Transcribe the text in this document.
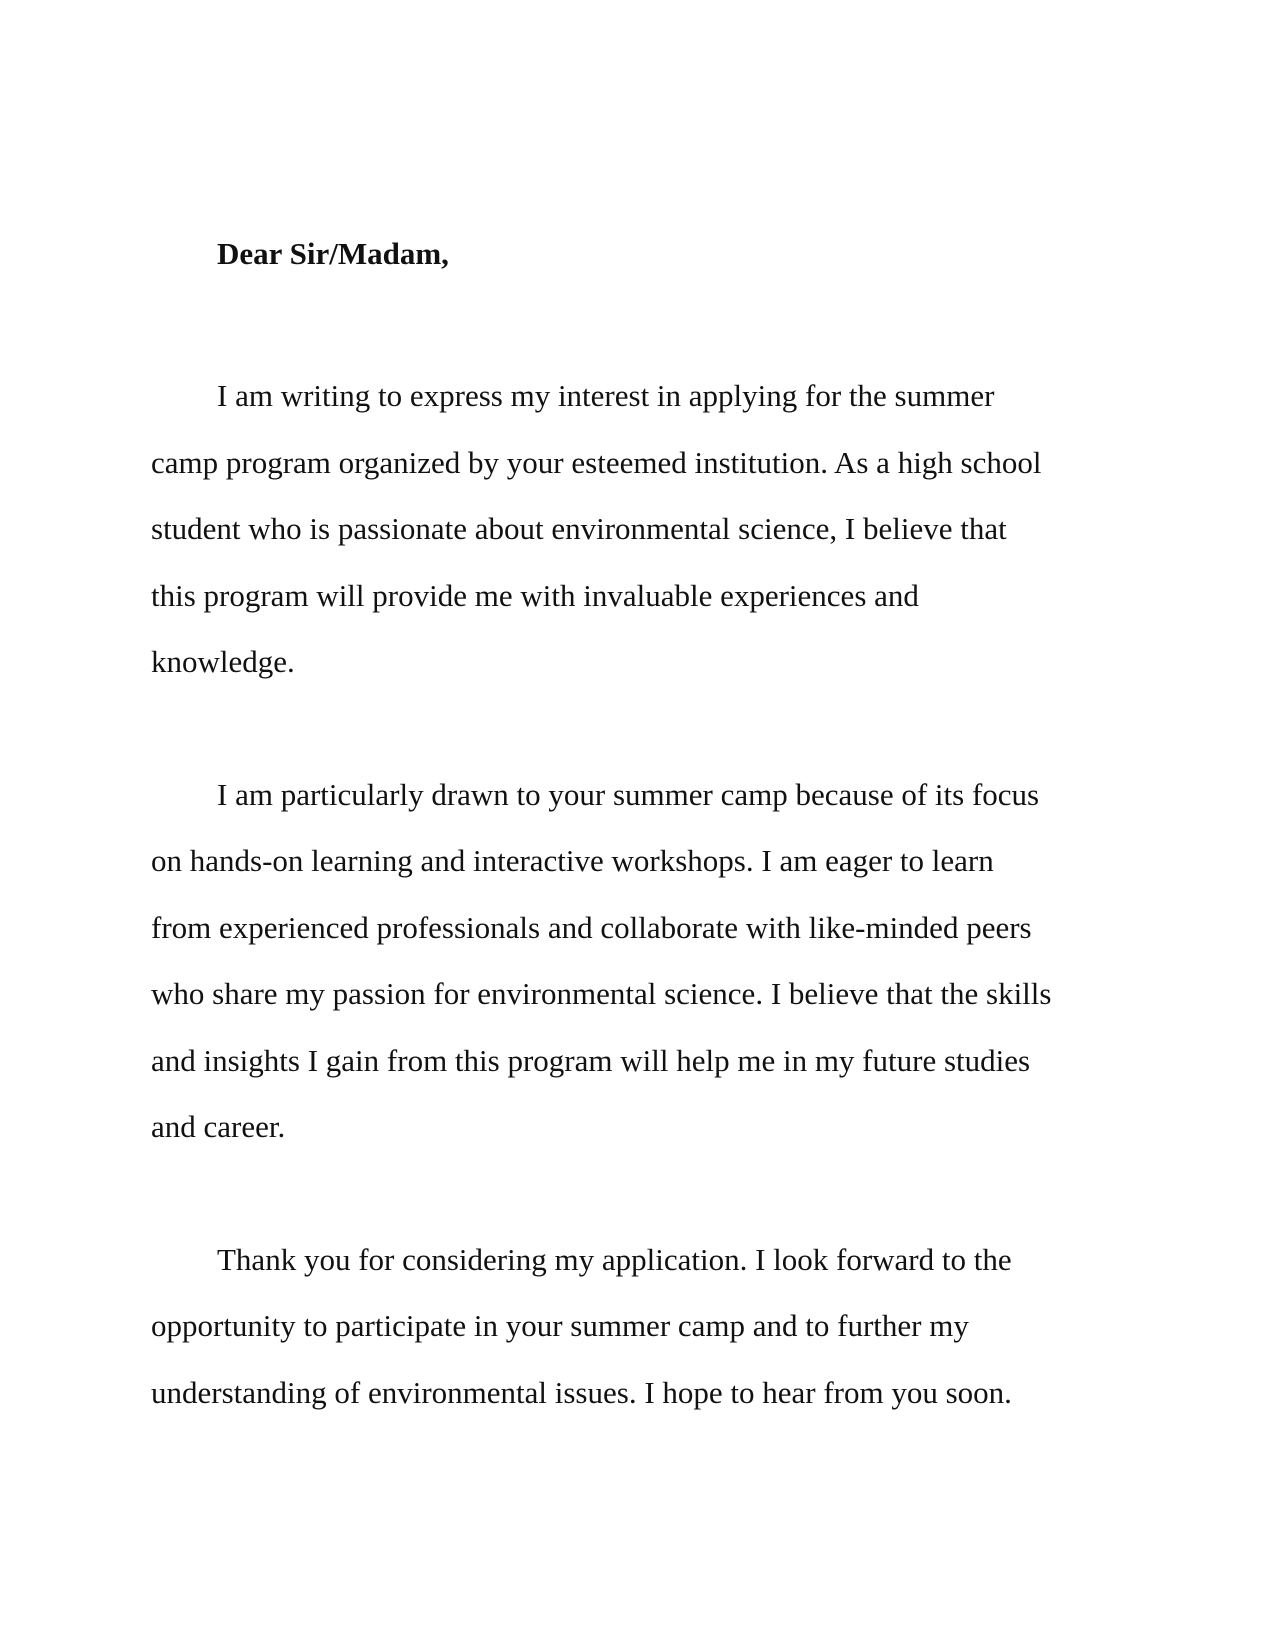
Dear Sir/Madam,
I am writing to express my interest in applying for the summer
camp program organized by your esteemed institution. As a high school
student who is passionate about environmental science, I believe that
this program will provide me with invaluable experiences and
knowledge.
I am particularly drawn to your summer camp because of its focus
on hands-on learning and interactive workshops. I am eager to learn
from experienced professionals and collaborate with like-minded peers
who share my passion for environmental science. I believe that the skills
and insights I gain from this program will help me in my future studies
and career.
Thank you for considering my application. I look forward to the
opportunity to participate in your summer camp and to further my
understanding of environmental issues. I hope to hear from you soon.
